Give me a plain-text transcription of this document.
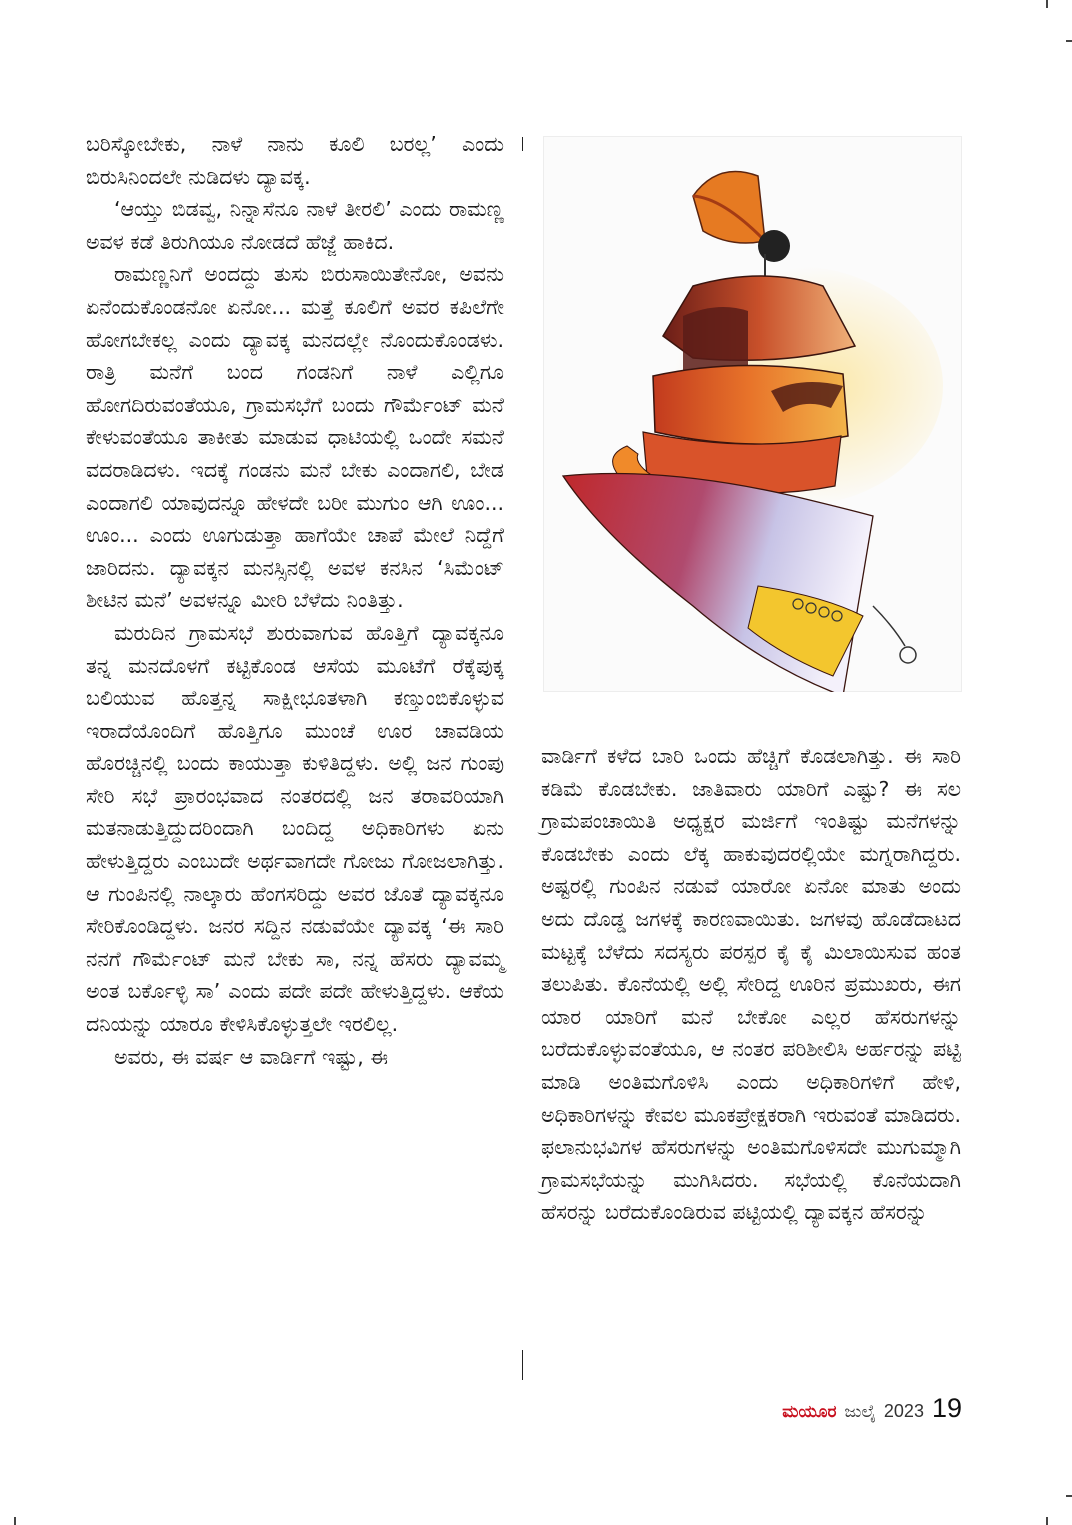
ಬರಿಸ್ಕೋಬೇಕು, ನಾಳೆ ನಾನು ಕೂಲಿ ಬರಲ್ಲ’ ಎಂದು ಬಿರುಸಿನಿಂದಲೇ ನುಡಿದಳು ದ್ಯಾವಕ್ಕ.

‘ಆಯ್ತು ಬಿಡವ್ವ, ನಿನ್ನಾಸೆನೂ ನಾಳೆ ತೀರಲಿ’ ಎಂದು ರಾಮಣ್ಣ ಅವಳ ಕಡೆ ತಿರುಗಿಯೂ ನೋಡದೆ ಹೆಜ್ಜೆ ಹಾಕಿದ.

ರಾಮಣ್ಣನಿಗೆ ಅಂದದ್ದು ತುಸು ಬಿರುಸಾಯಿತೇನೋ, ಅವನು ಏನೆಂದುಕೊಂಡನೋ ಏನೋ... ಮತ್ತೆ ಕೂಲಿಗೆ ಅವರ ಕಪಿಲೆಗೇ ಹೋಗಬೇಕಲ್ಲ ಎಂದು ದ್ಯಾವಕ್ಕ ಮನದಲ್ಲೇ ನೊಂದುಕೊಂಡಳು. ರಾತ್ರಿ ಮನೆಗೆ ಬಂದ ಗಂಡನಿಗೆ ನಾಳೆ ಎಲ್ಲಿಗೂ ಹೋಗದಿರುವಂತೆಯೂ, ಗ್ರಾಮಸಭೆಗೆ ಬಂದು ಗೌರ್ಮೆಂಟ್ ಮನೆ ಕೇಳುವಂತೆಯೂ ತಾಕೀತು ಮಾಡುವ ಧಾಟಿಯಲ್ಲಿ ಒಂದೇ ಸಮನೆ ವದರಾಡಿದಳು. ಇದಕ್ಕೆ ಗಂಡನು ಮನೆ ಬೇಕು ಎಂದಾಗಲಿ, ಬೇಡ ಎಂದಾಗಲಿ ಯಾವುದನ್ನೂ ಹೇಳದೇ ಬರೀ ಮುಗುಂ ಆಗಿ ಊಂ... ಊಂ... ಎಂದು ಊಗುಡುತ್ತಾ ಹಾಗೆಯೇ ಚಾಪೆ ಮೇಲೆ ನಿದ್ದೆಗೆ ಜಾರಿದನು. ದ್ಯಾವಕ್ಕನ ಮನಸ್ಸಿನಲ್ಲಿ ಅವಳ ಕನಸಿನ ‘ಸಿಮೆಂಟ್ ಶೀಟಿನ ಮನೆ’ ಅವಳನ್ನೂ ಮೀರಿ ಬೆಳೆದು ನಿಂತಿತ್ತು.

ಮರುದಿನ ಗ್ರಾಮಸಭೆ ಶುರುವಾಗುವ ಹೊತ್ತಿಗೆ ದ್ಯಾವಕ್ಕನೂ ತನ್ನ ಮನದೊಳಗೆ ಕಟ್ಟಿಕೊಂಡ ಆಸೆಯ ಮೂಟೆಗೆ ರೆಕ್ಕೆಪುಕ್ಕ ಬಲಿಯುವ ಹೊತ್ತನ್ನ ಸಾಕ್ಷೀಭೂತಳಾಗಿ ಕಣ್ತುಂಬಿಕೊಳ್ಳುವ ಇರಾದೆಯೊಂದಿಗೆ ಹೊತ್ತಿಗೂ ಮುಂಚೆ ಊರ ಚಾವಡಿಯ ಹೊರಚ್ಚಿನಲ್ಲಿ ಬಂದು ಕಾಯುತ್ತಾ ಕುಳಿತಿದ್ದಳು. ಅಲ್ಲಿ ಜನ ಗುಂಪು ಸೇರಿ ಸಭೆ ಪ್ರಾರಂಭವಾದ ನಂತರದಲ್ಲಿ ಜನ ತರಾವರಿಯಾಗಿ ಮತನಾಡುತ್ತಿದ್ದುದರಿಂದಾಗಿ ಬಂದಿದ್ದ ಅಧಿಕಾರಿಗಳು ಏನು ಹೇಳುತ್ತಿದ್ದರು ಎಂಬುದೇ ಅರ್ಥವಾಗದೇ ಗೋಜು ಗೋಜಲಾಗಿತ್ತು. ಆ ಗುಂಪಿನಲ್ಲಿ ನಾಲ್ಕಾರು ಹೆಂಗಸರಿದ್ದು ಅವರ ಜೊತೆ ದ್ಯಾವಕ್ಕನೂ ಸೇರಿಕೊಂಡಿದ್ದಳು. ಜನರ ಸದ್ದಿನ ನಡುವೆಯೇ ದ್ಯಾವಕ್ಕ ‘ಈ ಸಾರಿ ನನಗೆ ಗೌರ್ಮೆಂಟ್ ಮನೆ ಬೇಕು ಸಾ, ನನ್ನ ಹೆಸರು ದ್ಯಾವಮ್ಮ ಅಂತ ಬರ್ಕೊಳ್ಳಿ ಸಾ’ ಎಂದು ಪದೇ ಪದೇ ಹೇಳುತ್ತಿದ್ದಳು. ಆಕೆಯ ದನಿಯನ್ನು ಯಾರೂ ಕೇಳಿಸಿಕೊಳ್ಳುತ್ತಲೇ ಇರಲಿಲ್ಲ.

ಅವರು, ಈ ವರ್ಷ ಆ ವಾರ್ಡಿಗೆ ಇಷ್ಟು, ಈ

ವಾರ್ಡಿಗೆ ಕಳೆದ ಬಾರಿ ಒಂದು ಹೆಚ್ಚಿಗೆ ಕೊಡಲಾಗಿತ್ತು. ಈ ಸಾರಿ ಕಡಿಮೆ ಕೊಡಬೇಕು. ಜಾತಿವಾರು ಯಾರಿಗೆ ಎಷ್ಟು? ಈ ಸಲ ಗ್ರಾಮಪಂಚಾಯಿತಿ ಅಧ್ಯಕ್ಷರ ಮರ್ಜಿಗೆ ಇಂತಿಷ್ಟು ಮನೆಗಳನ್ನು ಕೊಡಬೇಕು ಎಂದು ಲೆಕ್ಕ ಹಾಕುವುದರಲ್ಲಿಯೇ ಮಗ್ನರಾಗಿದ್ದರು. ಅಷ್ಟರಲ್ಲಿ ಗುಂಪಿನ ನಡುವೆ ಯಾರೋ ಏನೋ ಮಾತು ಅಂದು ಅದು ದೊಡ್ಡ ಜಗಳಕ್ಕೆ ಕಾರಣವಾಯಿತು. ಜಗಳವು ಹೊಡೆದಾಟದ ಮಟ್ಟಕ್ಕೆ ಬೆಳೆದು ಸದಸ್ಯರು ಪರಸ್ಪರ ಕೈ ಕೈ ಮಿಲಾಯಿಸುವ ಹಂತ ತಲುಪಿತು. ಕೊನೆಯಲ್ಲಿ ಅಲ್ಲಿ ಸೇರಿದ್ದ ಊರಿನ ಪ್ರಮುಖರು, ಈಗ ಯಾರ ಯಾರಿಗೆ ಮನೆ ಬೇಕೋ ಎಲ್ಲರ ಹೆಸರುಗಳನ್ನು ಬರೆದುಕೊಳ್ಳುವಂತೆಯೂ, ಆ ನಂತರ ಪರಿಶೀಲಿಸಿ ಅರ್ಹರನ್ನು ಪಟ್ಟಿ ಮಾಡಿ ಅಂತಿಮಗೊಳಿಸಿ ಎಂದು ಅಧಿಕಾರಿಗಳಿಗೆ ಹೇಳಿ, ಅಧಿಕಾರಿಗಳನ್ನು ಕೇವಲ ಮೂಕಪ್ರೇಕ್ಷಕರಾಗಿ ಇರುವಂತೆ ಮಾಡಿದರು. ಫಲಾನುಭವಿಗಳ ಹೆಸರುಗಳನ್ನು ಅಂತಿಮಗೊಳಿಸದೇ ಮುಗುಮ್ಮಾಗಿ ಗ್ರಾಮಸಭೆಯನ್ನು ಮುಗಿಸಿದರು. ಸಭೆಯಲ್ಲಿ ಕೊನೆಯದಾಗಿ ಹೆಸರನ್ನು ಬರೆದುಕೊಂಡಿರುವ ಪಟ್ಟಿಯಲ್ಲಿ ದ್ಯಾವಕ್ಕನ ಹೆಸರನ್ನು

ಮಯೂರ ಜುಲೈ 2023 19
